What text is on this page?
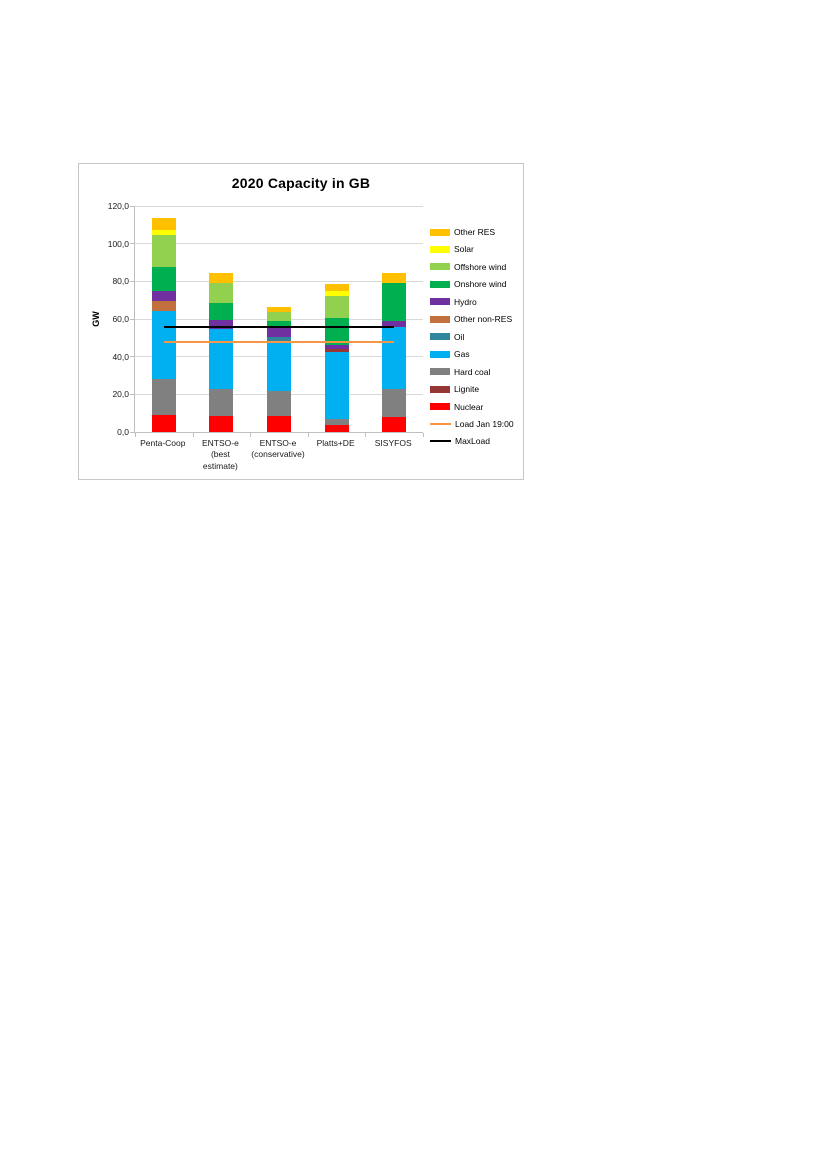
2020 Capacity in GB
GW
0,0
20,0
40,0
60,0
80,0
100,0
120,0
Penta-Coop	ENTSO-e
(best
estimate)
ENTSO-e
(conservative)
Platts+DE	SISYFOS
Other RES
Solar
Offshore wind
Onshore wind
Hydro
Other non-RES
Oil
Gas
Hard coal
Lignite
Nuclear
Load Jan 19:00
MaxLoad
